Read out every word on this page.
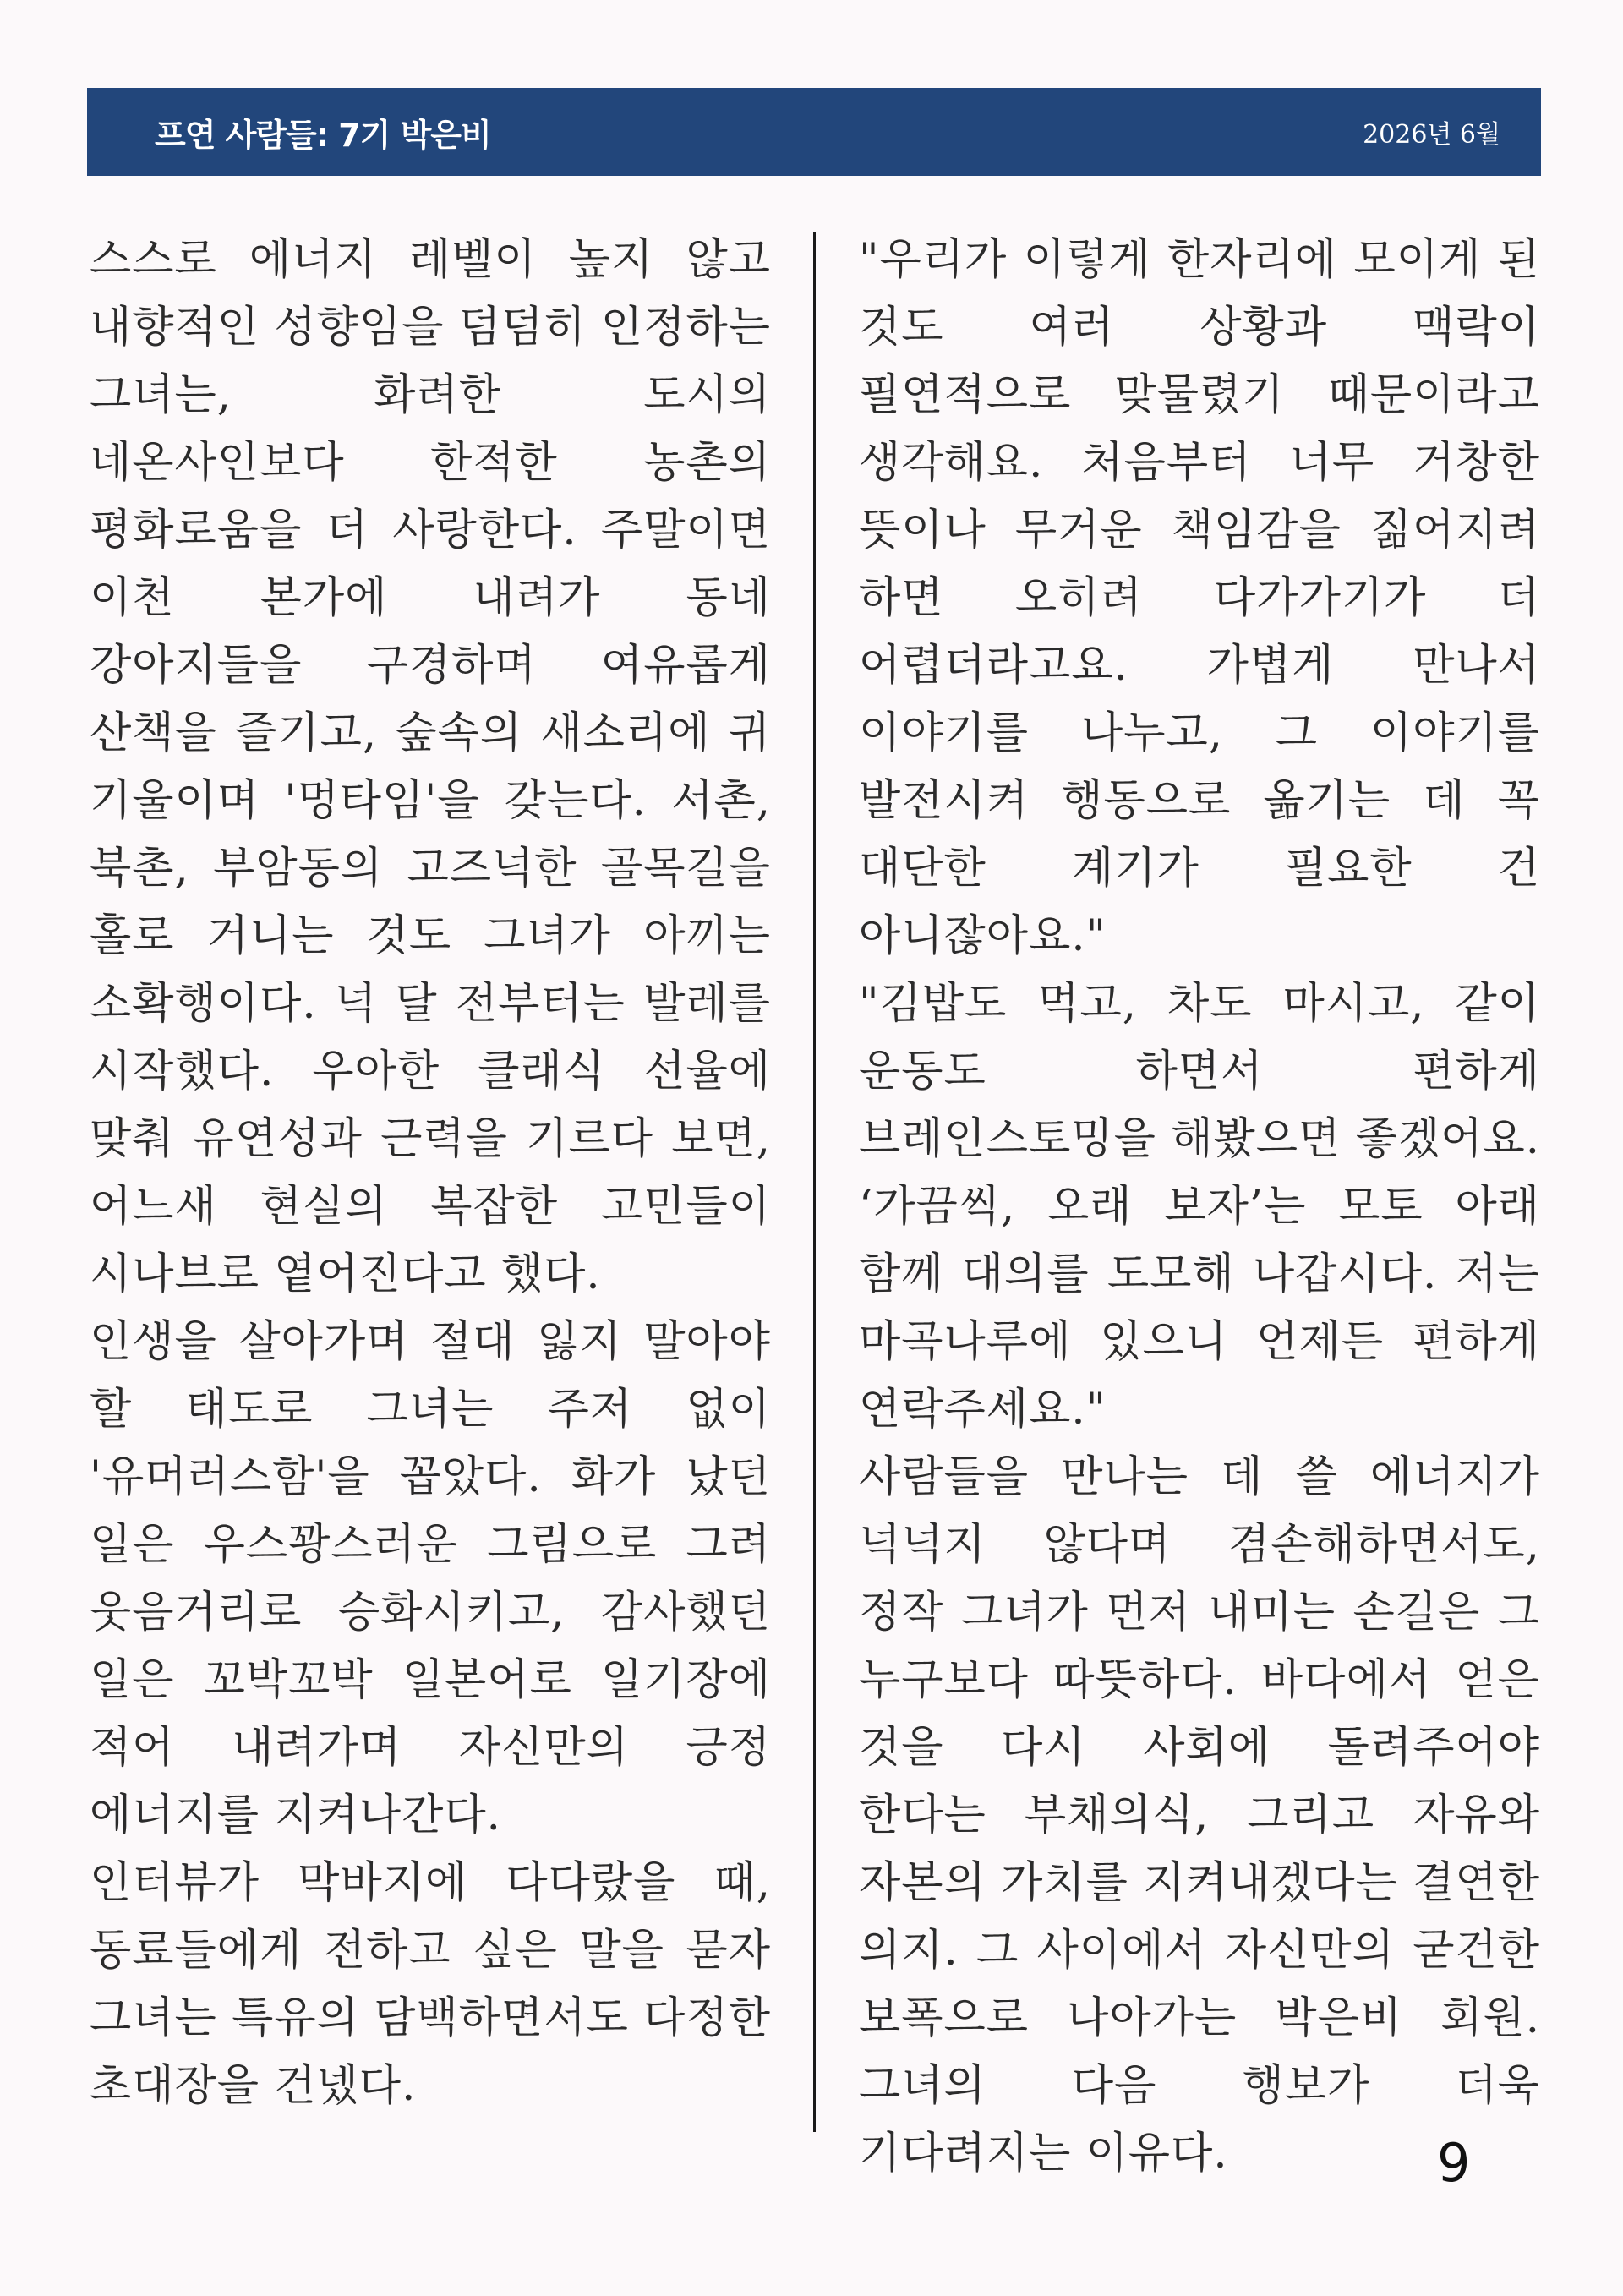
프연 사람들: 7기 박은비	2026년 6월

스스로 에너지 레벨이 높지 않고 내향적인 성향임을 덤덤히 인정하는 그녀는, 화려한 도시의 네온사인보다 한적한 농촌의 평화로움을 더 사랑한다. 주말이면 이천 본가에 내려가 동네 강아지들을 구경하며 여유롭게 산책을 즐기고, 숲속의 새소리에 귀 기울이며 '멍타임'을 갖는다. 서촌, 북촌, 부암동의 고즈넉한 골목길을 홀로 거니는 것도 그녀가 아끼는 소확행이다. 넉 달 전부터는 발레를 시작했다. 우아한 클래식 선율에 맞춰 유연성과 근력을 기르다 보면, 어느새 현실의 복잡한 고민들이 시나브로 옅어진다고 했다.

인생을 살아가며 절대 잃지 말아야 할 태도로 그녀는 주저 없이 '유머러스함'을 꼽았다. 화가 났던 일은 우스꽝스러운 그림으로 그려 웃음거리로 승화시키고, 감사했던 일은 꼬박꼬박 일본어로 일기장에 적어 내려가며 자신만의 긍정 에너지를 지켜나간다.

인터뷰가 막바지에 다다랐을 때, 동료들에게 전하고 싶은 말을 묻자 그녀는 특유의 담백하면서도 다정한 초대장을 건넸다.

"우리가 이렇게 한자리에 모이게 된 것도 여러 상황과 맥락이 필연적으로 맞물렸기 때문이라고 생각해요. 처음부터 너무 거창한 뜻이나 무거운 책임감을 짊어지려 하면 오히려 다가가기가 더 어렵더라고요. 가볍게 만나서 이야기를 나누고, 그 이야기를 발전시켜 행동으로 옮기는 데 꼭 대단한 계기가 필요한 건 아니잖아요."

"김밥도 먹고, 차도 마시고, 같이 운동도 하면서 편하게 브레인스토밍을 해봤으면 좋겠어요. ‘가끔씩, 오래 보자’는 모토 아래 함께 대의를 도모해 나갑시다. 저는 마곡나루에 있으니 언제든 편하게 연락주세요."

사람들을 만나는 데 쓸 에너지가 넉넉지 않다며 겸손해하면서도, 정작 그녀가 먼저 내미는 손길은 그 누구보다 따뜻하다. 바다에서 얻은 것을 다시 사회에 돌려주어야 한다는 부채의식, 그리고 자유와 자본의 가치를 지켜내겠다는 결연한 의지. 그 사이에서 자신만의 굳건한 보폭으로 나아가는 박은비 회원. 그녀의 다음 행보가 더욱 기다려지는 이유다.	9
